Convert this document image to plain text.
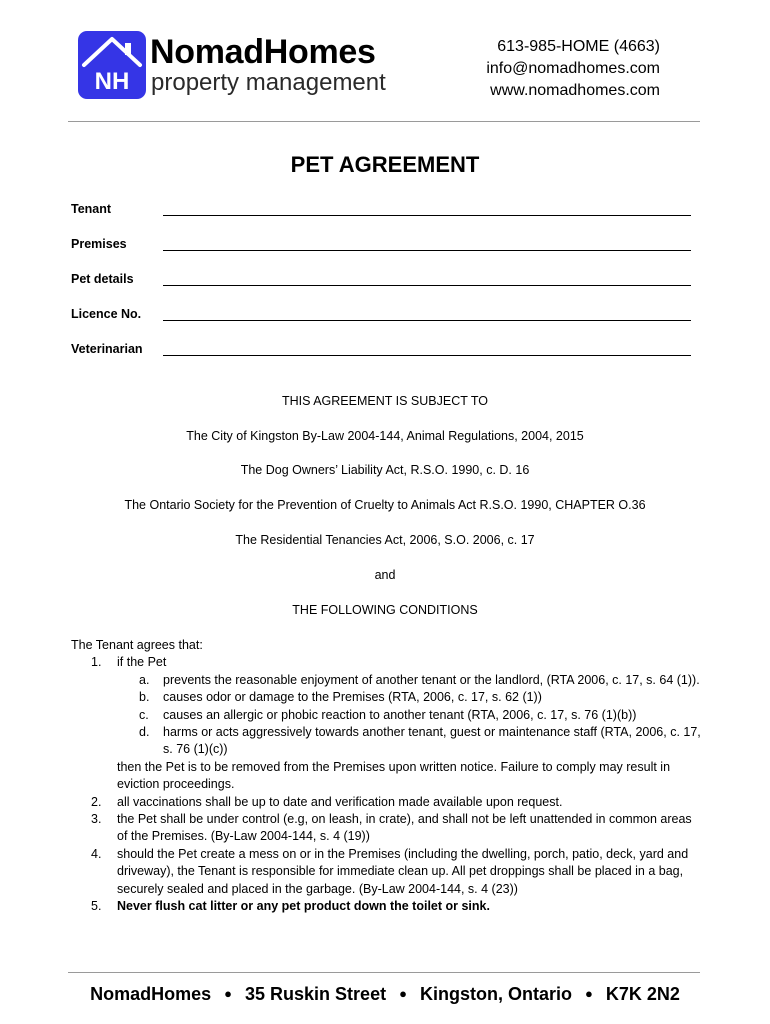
NH
NomadHomes
property management
613-985-HOME (4663)
info@nomadhomes.com
www.nomadhomes.com
PET AGREEMENT
Tenant
Premises
Pet details
Licence No.
Veterinarian
THIS AGREEMENT IS SUBJECT TO
The City of Kingston By-Law 2004-144, Animal Regulations, 2004, 2015
The Dog Owners’ Liability Act, R.S.O. 1990, c. D. 16
The Ontario Society for the Prevention of Cruelty to Animals Act R.S.O. 1990, CHAPTER O.36
The Residential Tenancies Act, 2006, S.O. 2006, c. 17
and
THE FOLLOWING CONDITIONS
The Tenant agrees that:
1. if the Pet
a. prevents the reasonable enjoyment of another tenant or the landlord, (RTA 2006, c. 17, s. 64 (1)).
b. causes odor or damage to the Premises (RTA, 2006, c. 17, s. 62 (1))
c. causes an allergic or phobic reaction to another tenant (RTA, 2006, c. 17, s. 76 (1)(b))
d. harms or acts aggressively towards another tenant, guest or maintenance staff (RTA, 2006, c. 17, s. 76 (1)(c))
then the Pet is to be removed from the Premises upon written notice. Failure to comply may result in eviction proceedings.
2. all vaccinations shall be up to date and verification made available upon request.
3. the Pet shall be under control (e.g, on leash, in crate), and shall not be left unattended in common areas of the Premises. (By-Law 2004-144, s. 4 (19))
4. should the Pet create a mess on or in the Premises (including the dwelling, porch, patio, deck, yard and driveway), the Tenant is responsible for immediate clean up. All pet droppings shall be placed in a bag, securely sealed and placed in the garbage. (By-Law 2004-144, s. 4 (23))
5. Never flush cat litter or any pet product down the toilet or sink.
NomadHomes ● 35 Ruskin Street ● Kingston, Ontario ● K7K 2N2
